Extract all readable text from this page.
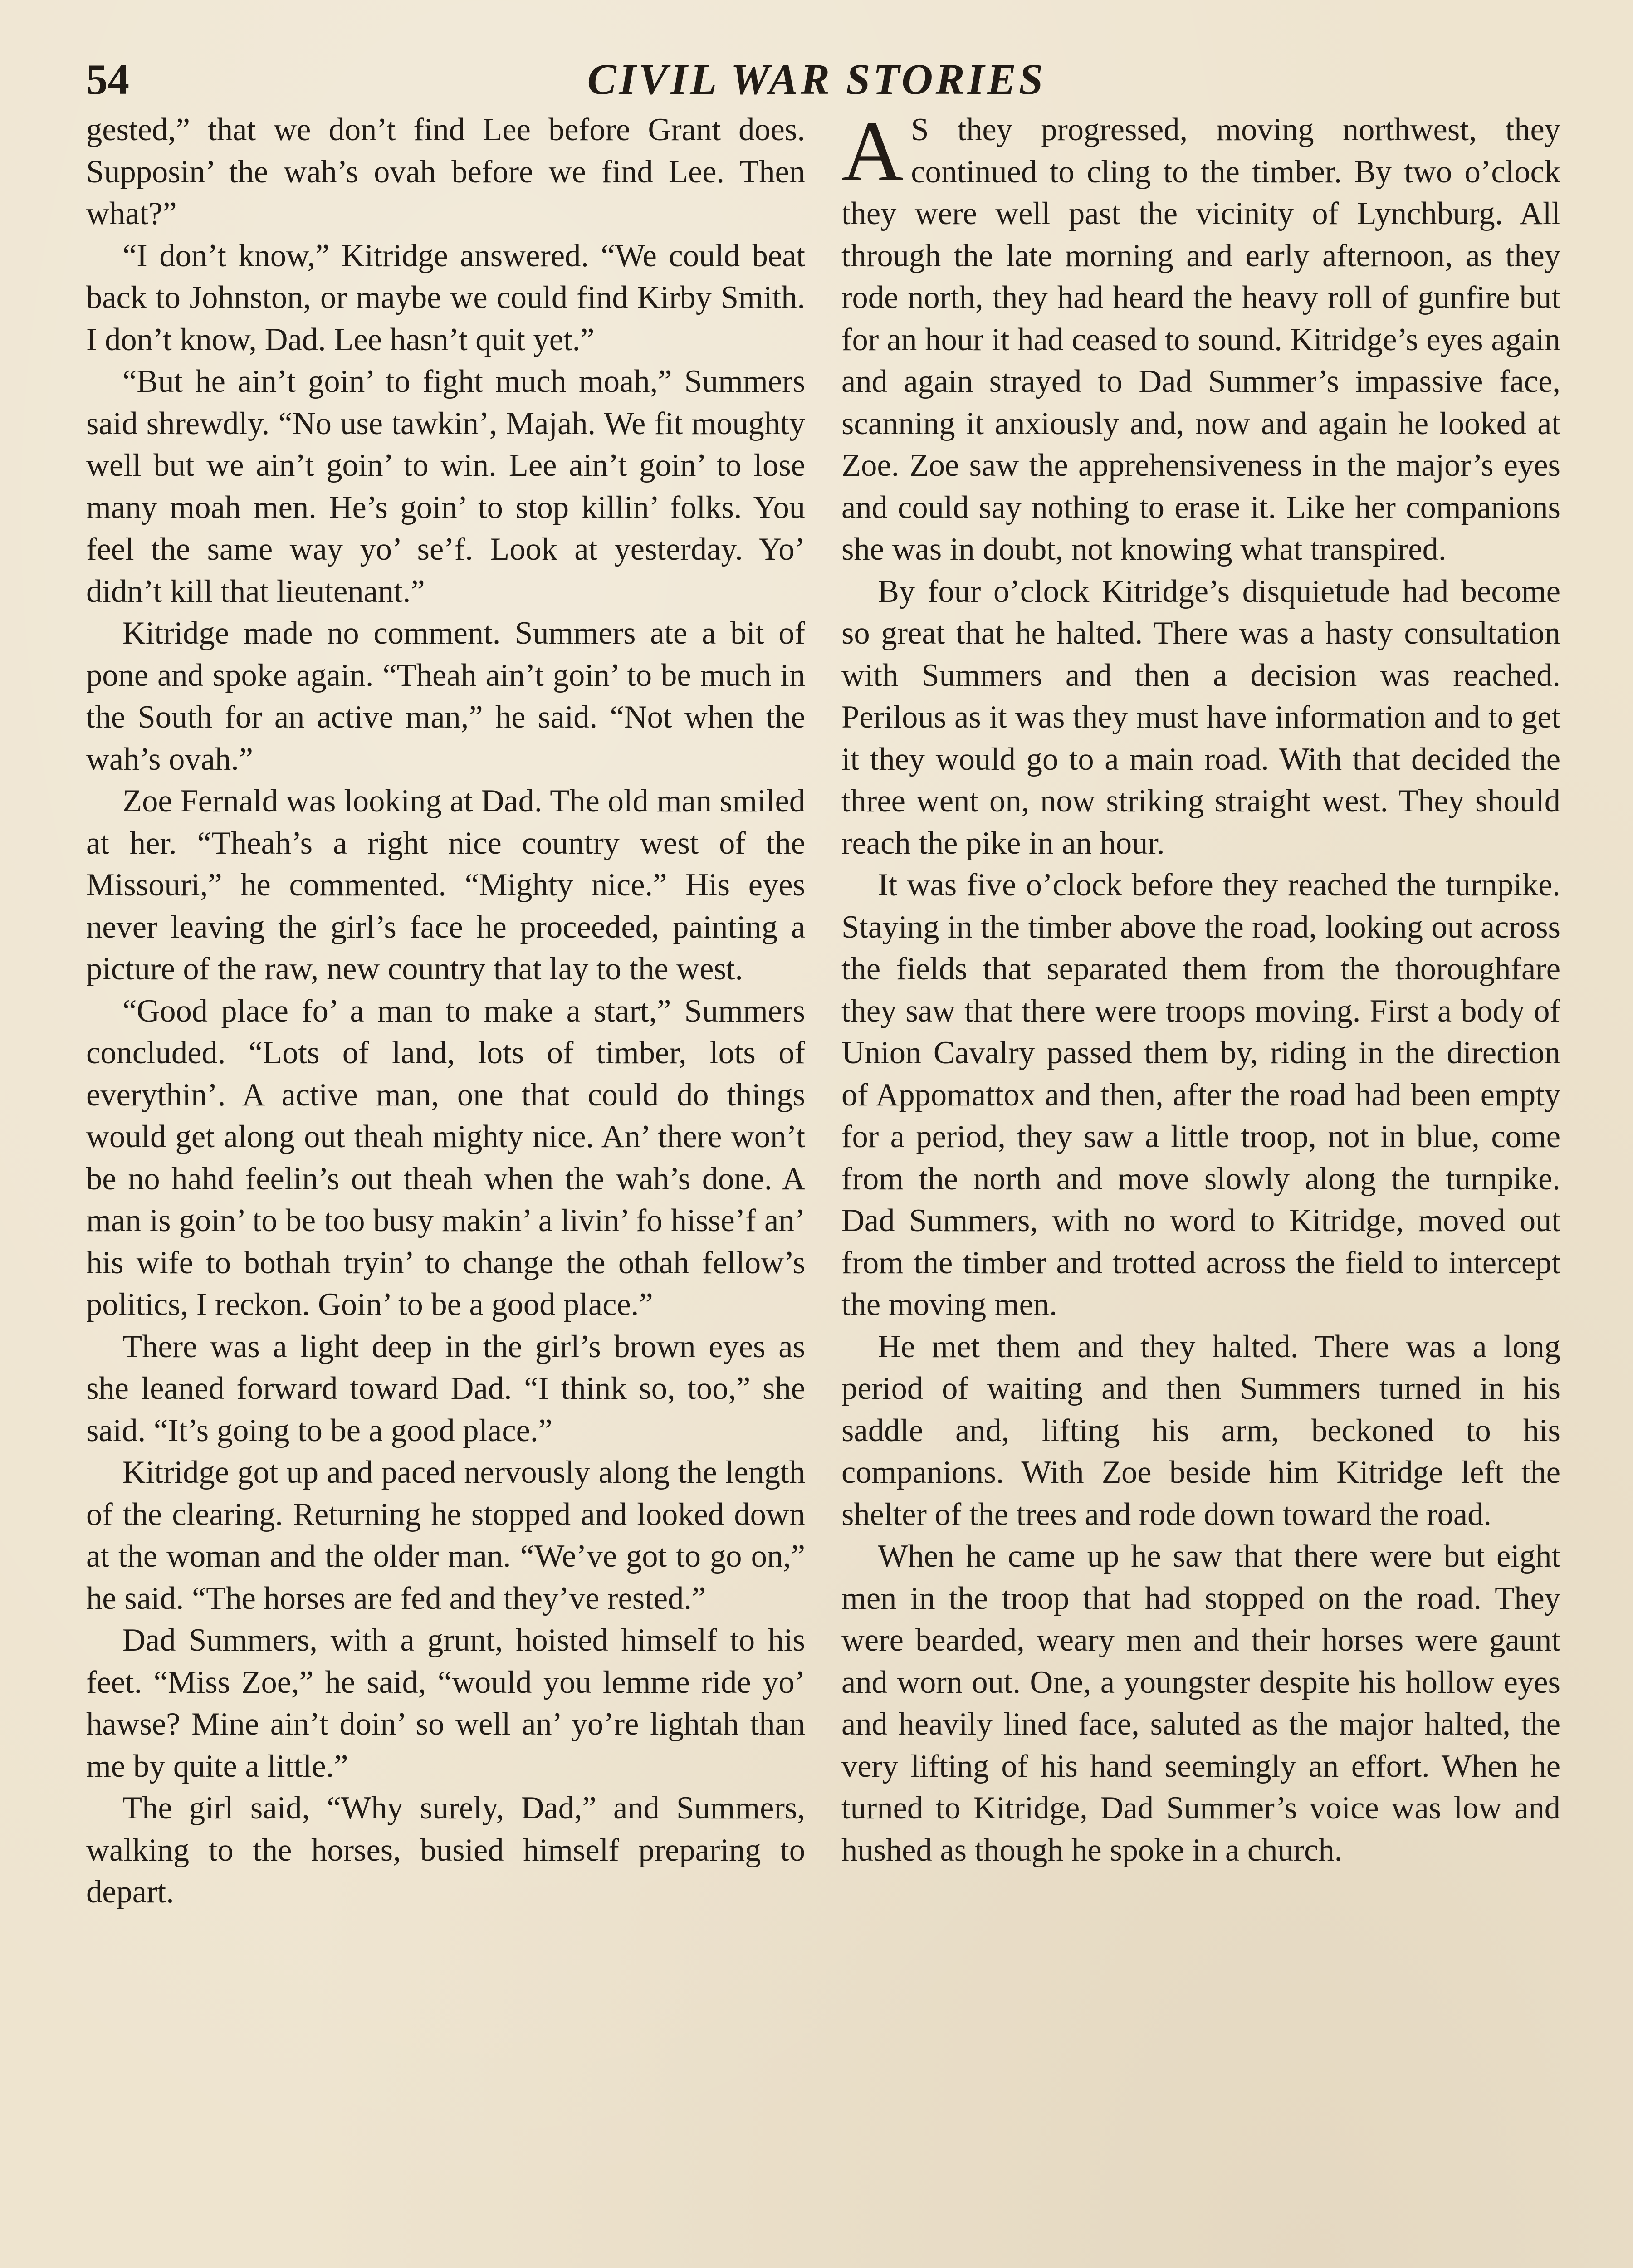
54	CIVIL WAR STORIES

gested,” that we don’t find Lee before Grant does. Supposin’ the wah’s ovah before we find Lee. Then what?”

“I don’t know,” Kitridge answered. “We could beat back to Johnston, or maybe we could find Kirby Smith. I don’t know, Dad. Lee hasn’t quit yet.”

“But he ain’t goin’ to fight much moah,” Summers said shrewdly. “No use tawkin’, Majah. We fit moughty well but we ain’t goin’ to win. Lee ain’t goin’ to lose many moah men. He’s goin’ to stop killin’ folks. You feel the same way yo’ se’f. Look at yesterday. Yo’ didn’t kill that lieutenant.”

Kitridge made no comment. Summers ate a bit of pone and spoke again. “Theah ain’t goin’ to be much in the South for an active man,” he said. “Not when the wah’s ovah.”

Zoe Fernald was looking at Dad. The old man smiled at her. “Theah’s a right nice country west of the Missouri,” he commented. “Mighty nice.” His eyes never leaving the girl’s face he proceeded, painting a picture of the raw, new country that lay to the west.

“Good place fo’ a man to make a start,” Summers concluded. “Lots of land, lots of timber, lots of everythin’. A active man, one that could do things would get along out theah mighty nice. An’ there won’t be no hahd feelin’s out theah when the wah’s done. A man is goin’ to be too busy makin’ a livin’ fo hisse’f an’ his wife to bothah tryin’ to change the othah fellow’s politics, I reckon. Goin’ to be a good place.”

There was a light deep in the girl’s brown eyes as she leaned forward toward Dad. “I think so, too,” she said. “It’s going to be a good place.”

Kitridge got up and paced nervously along the length of the clearing. Returning he stopped and looked down at the woman and the older man. “We’ve got to go on,” he said. “The horses are fed and they’ve rested.”

Dad Summers, with a grunt, hoisted himself to his feet. “Miss Zoe,” he said, “would you lemme ride yo’ hawse? Mine ain’t doin’ so well an’ yo’re lightah than me by quite a little.”

The girl said, “Why surely, Dad,” and Summers, walking to the horses, busied himself preparing to depart.

A S they progressed, moving northwest, they continued to cling to the timber. By two o’clock they were well past the vicinity of Lynchburg. All through the late morning and early afternoon, as they rode north, they had heard the heavy roll of gunfire but for an hour it had ceased to sound. Kitridge’s eyes again and again strayed to Dad Summer’s impassive face, scanning it anxiously and, now and again he looked at Zoe. Zoe saw the apprehensiveness in the major’s eyes and could say nothing to erase it. Like her companions she was in doubt, not knowing what transpired.

By four o’clock Kitridge’s disquietude had become so great that he halted. There was a hasty consultation with Summers and then a decision was reached. Perilous as it was they must have information and to get it they would go to a main road. With that decided the three went on, now striking straight west. They should reach the pike in an hour.

It was five o’clock before they reached the turnpike. Staying in the timber above the road, looking out across the fields that separated them from the thoroughfare they saw that there were troops moving. First a body of Union Cavalry passed them by, riding in the direction of Appomattox and then, after the road had been empty for a period, they saw a little troop, not in blue, come from the north and move slowly along the turnpike. Dad Summers, with no word to Kitridge, moved out from the timber and trotted across the field to intercept the moving men.

He met them and they halted. There was a long period of waiting and then Summers turned in his saddle and, lifting his arm, beckoned to his companions. With Zoe beside him Kitridge left the shelter of the trees and rode down toward the road.

When he came up he saw that there were but eight men in the troop that had stopped on the road. They were bearded, weary men and their horses were gaunt and worn out. One, a youngster despite his hollow eyes and heavily lined face, saluted as the major halted, the very lifting of his hand seemingly an effort. When he turned to Kitridge, Dad Summer’s voice was low and hushed as though he spoke in a church.
